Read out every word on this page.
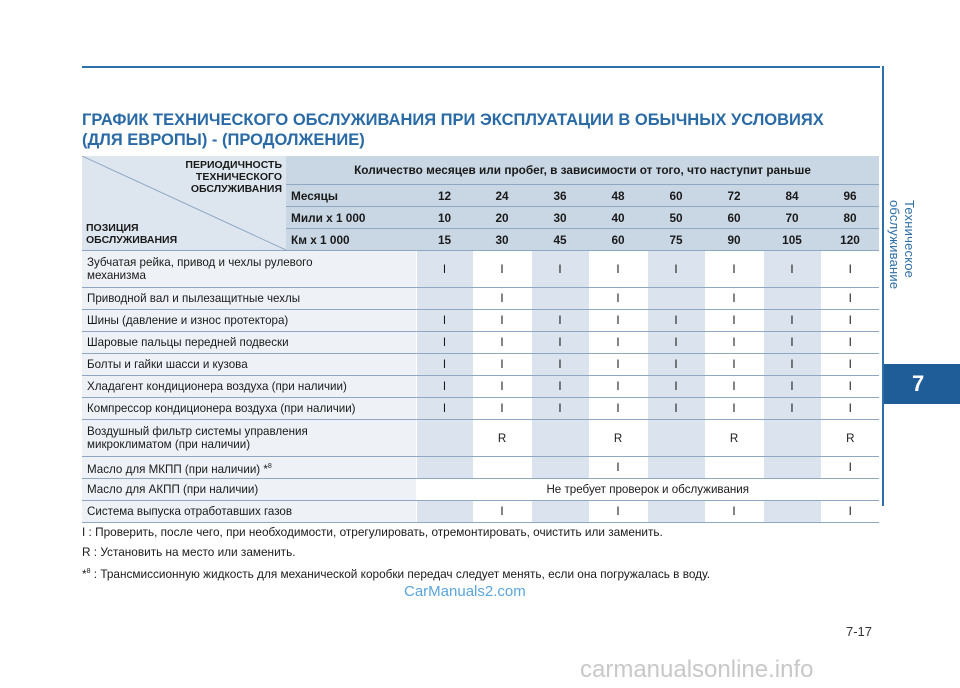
Техническое обслуживание
7
ГРАФИК ТЕХНИЧЕСКОГО ОБСЛУЖИВАНИЯ ПРИ ЭКСПЛУАТАЦИИ В ОБЫЧНЫХ УСЛОВИЯХ
(ДЛЯ ЕВРОПЫ) - (ПРОДОЛЖЕНИЕ)
ПЕРИОДИЧНОСТЬ
ТЕХНИЧЕСКОГО
ОБСЛУЖИВАНИЯ
ПОЗИЦИЯ
ОБСЛУЖИВАНИЯ	Количество месяцев или пробег, в зависимости от того, что наступит раньше								
	Месяцы	12	24	36	48	60	72	84	96
	Мили x 1 000	10	20	30	40	50	60	70	80
	Км x 1 000	15	30	45	60	75	90	105	120

Зубчатая рейка, привод и чехлы рулевого
механизма		I	I	I	I	I	I	I	I

Приводной вал и пылезащитные чехлы			I		I		I		I

Шины (давление и износ протектора)		I	I	I	I	I	I	I	I

Шаровые пальцы передней подвески		I	I	I	I	I	I	I	I

Болты и гайки шасси и кузова		I	I	I	I	I	I	I	I

Хладагент кондиционера воздуха (при наличии)		I	I	I	I	I	I	I	I

Компрессор кондиционера воздуха (при наличии)		I	I	I	I	I	I	I	I

Воздушный фильтр системы управления
микроклиматом (при наличии)			R		R		R		R
Масло для МКПП (при наличии) *$^8$					I				I
Масло для АКПП (при наличии)		Не требует проверок и обслуживания							
Система выпуска отработавших газов			I		I		I		I
I : Проверить, после чего, при необходимости, отрегулировать, отремонтировать, очистить или заменить.
R : Установить на место или заменить.
*$^8$ : Трансмиссионную жидкость для механической коробки передач следует менять, если она погружалась в воду.
CarManuals2.com
7-17
carmanualsonline.info
